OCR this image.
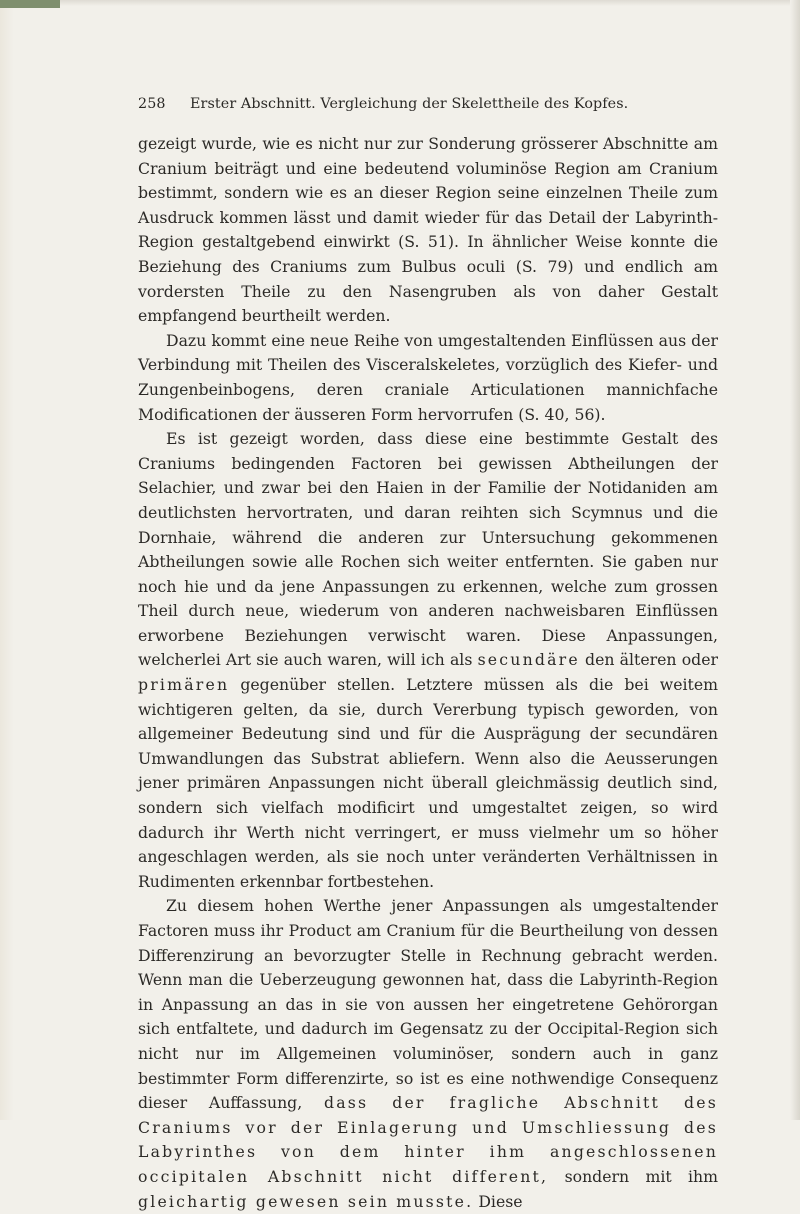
258 Erster Abschnitt. Vergleichung der Skelettheile des Kopfes.

gezeigt wurde, wie es nicht nur zur Sonderung grösserer Abschnitte am Cranium beiträgt und eine bedeutend voluminöse Region am Cranium bestimmt, sondern wie es an dieser Region seine einzelnen Theile zum Ausdruck kommen lässt und damit wieder für das Detail der Labyrinth-Region gestaltgebend einwirkt (S. 51). In ähnlicher Weise konnte die Beziehung des Craniums zum Bulbus oculi (S. 79) und endlich am vordersten Theile zu den Nasengruben als von daher Gestalt empfangend beurtheilt werden.

Dazu kommt eine neue Reihe von umgestaltenden Einflüssen aus der Verbindung mit Theilen des Visceralskeletes, vorzüglich des Kiefer- und Zungenbeinbogens, deren craniale Articulationen mannichfache Modificationen der äusseren Form hervorrufen (S. 40, 56).

Es ist gezeigt worden, dass diese eine bestimmte Gestalt des Craniums bedingenden Factoren bei gewissen Abtheilungen der Selachier, und zwar bei den Haien in der Familie der Notidaniden am deutlichsten hervortraten, und daran reihten sich Scymnus und die Dornhaie, während die anderen zur Untersuchung gekommenen Abtheilungen sowie alle Rochen sich weiter entfernten. Sie gaben nur noch hie und da jene Anpassungen zu erkennen, welche zum grossen Theil durch neue, wiederum von anderen nachweisbaren Einflüssen erworbene Beziehungen verwischt waren. Diese Anpassungen, welcherlei Art sie auch waren, will ich als secundäre den älteren oder primären gegenüber stellen. Letztere müssen als die bei weitem wichtigeren gelten, da sie, durch Vererbung typisch geworden, von allgemeiner Bedeutung sind und für die Ausprägung der secundären Umwandlungen das Substrat abliefern. Wenn also die Aeusserungen jener primären Anpassungen nicht überall gleichmässig deutlich sind, sondern sich vielfach modificirt und umgestaltet zeigen, so wird dadurch ihr Werth nicht verringert, er muss vielmehr um so höher angeschlagen werden, als sie noch unter veränderten Verhältnissen in Rudimenten erkennbar fortbestehen.

Zu diesem hohen Werthe jener Anpassungen als umgestaltender Factoren muss ihr Product am Cranium für die Beurtheilung von dessen Differenzirung an bevorzugter Stelle in Rechnung gebracht werden. Wenn man die Ueberzeugung gewonnen hat, dass die Labyrinth-Region in Anpassung an das in sie von aussen her eingetretene Gehörorgan sich entfaltete, und dadurch im Gegensatz zu der Occipital-Region sich nicht nur im Allgemeinen voluminöser, sondern auch in ganz bestimmter Form differenzirte, so ist es eine nothwendige Consequenz dieser Auffassung, dass der fragliche Abschnitt des Craniums vor der Einlagerung und Umschliessung des Labyrinthes von dem hinter ihm angeschlossenen occipitalen Abschnitt nicht different, sondern mit ihm gleichartig gewesen sein musste. Diese
